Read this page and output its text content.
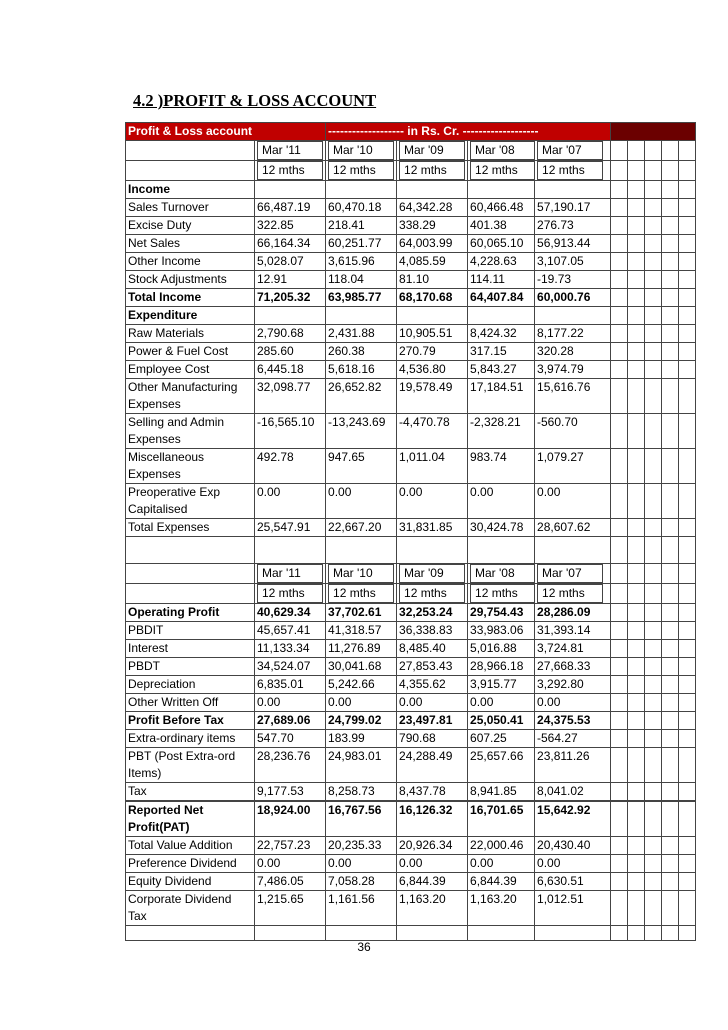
4.2 )PROFIT & LOSS ACCOUNT
Profit & Loss account		------------------- in Rs. Cr. -------------------								
	Mar '11	Mar '10	Mar '09	Mar '08	Mar '07					
	12 mths	12 mths	12 mths	12 mths	12 mths					
Income										
Sales Turnover	66,487.19	60,470.18	64,342.28	60,466.48	57,190.17					
Excise Duty	322.85	218.41	338.29	401.38	276.73					
Net Sales	66,164.34	60,251.77	64,003.99	60,065.10	56,913.44					
Other Income	5,028.07	3,615.96	4,085.59	4,228.63	3,107.05					
Stock Adjustments	12.91	118.04	81.10	114.11	-19.73					
Total Income	71,205.32	63,985.77	68,170.68	64,407.84	60,000.76					
Expenditure										
Raw Materials	2,790.68	2,431.88	10,905.51	8,424.32	8,177.22					
Power & Fuel Cost	285.60	260.38	270.79	317.15	320.28					
Employee Cost	6,445.18	5,618.16	4,536.80	5,843.27	3,974.79					
Other Manufacturing Expenses	32,098.77	26,652.82	19,578.49	17,184.51	15,616.76					
Selling and Admin Expenses	-16,565.10	-13,243.69	-4,470.78	-2,328.21	-560.70					
Miscellaneous Expenses	492.78	947.65	1,011.04	983.74	1,079.27					
Preoperative Exp Capitalised	0.00	0.00	0.00	0.00	0.00					
Total Expenses	25,547.91	22,667.20	31,831.85	30,424.78	28,607.62					

	Mar '11	Mar '10	Mar '09	Mar '08	Mar '07					
	12 mths	12 mths	12 mths	12 mths	12 mths					
Operating Profit	40,629.34	37,702.61	32,253.24	29,754.43	28,286.09					
PBDIT	45,657.41	41,318.57	36,338.83	33,983.06	31,393.14					
Interest	11,133.34	11,276.89	8,485.40	5,016.88	3,724.81					
PBDT	34,524.07	30,041.68	27,853.43	28,966.18	27,668.33					
Depreciation	6,835.01	5,242.66	4,355.62	3,915.77	3,292.80					
Other Written Off	0.00	0.00	0.00	0.00	0.00					
Profit Before Tax	27,689.06	24,799.02	23,497.81	25,050.41	24,375.53					
Extra-ordinary items	547.70	183.99	790.68	607.25	-564.27					
PBT (Post Extra-ord Items)	28,236.76	24,983.01	24,288.49	25,657.66	23,811.26					
Tax	9,177.53	8,258.73	8,437.78	8,941.85	8,041.02					

Reported Net Profit(PAT)	18,924.00	16,767.56	16,126.32	16,701.65	15,642.92					
Total Value Addition	22,757.23	20,235.33	20,926.34	22,000.46	20,430.40					
Preference Dividend	0.00	0.00	0.00	0.00	0.00					
Equity Dividend	7,486.05	7,058.28	6,844.39	6,844.39	6,630.51					
Corporate Dividend Tax	1,215.65	1,161.56	1,163.20	1,163.20	1,012.51					

36
